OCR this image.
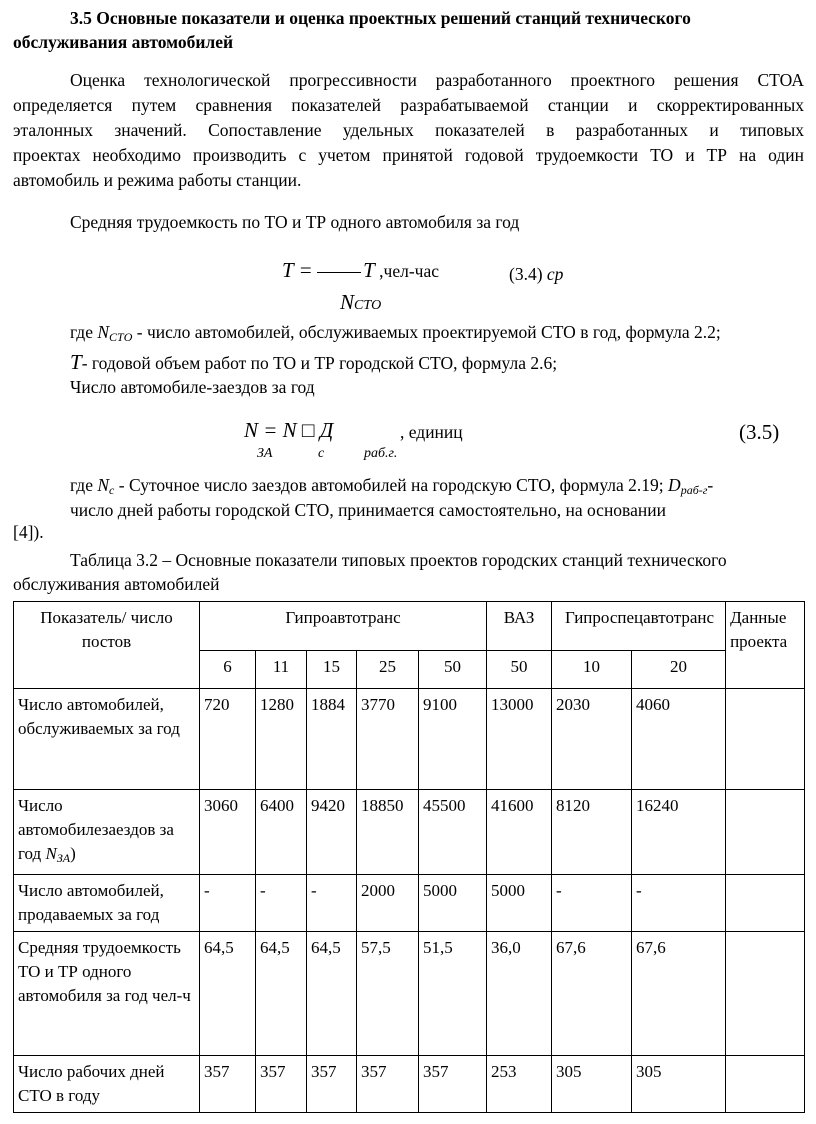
3.5 Основные показатели и оценка проектных решений станций технического
обслуживания автомобилей
Оценка технологической прогрессивности разработанного проектного решения СТОА
определяется путем сравнения показателей разрабатываемой станции и скорректированных
эталонных значений. Сопоставление удельных показателей в разработанных и типовых
проектах необходимо производить с учетом принятой годовой трудоемкости ТО и ТР на один
автомобиль и режима работы станции.
Средняя трудоемкость по ТО и ТР одного автомобиля за год
T = T ,чел-час	(3.4) ср
NСТО
где $N_{СТО}$ - число автомобилей, обслуживаемых проектируемой СТО в год, формула 2.2;
T- годовой объем работ по ТО и ТР городской СТО, формула 2.6;
Число автомобиле-заездов за год
N = N □ Д	, единиц	(3.5)
ЗА	с	раб.г.
где $N_с$ - Суточное число заездов автомобилей на городскую СТО, формула 2.19; $D_{раб-г}-$
число дней работы городской СТО, принимается самостоятельно, на основании
[4]).
Таблица 3.2 – Основные показатели типовых проектов городских станций технического
обслуживания автомобилей
Показатель/ число постов	Гипроавтотранс					ВАЗ	Гипроспецавтотранс		Данные проекта
	6	11	15	25	50	50	10	20	
Число автомобилей, обслуживаемых за год	720	1280	1884	3770	9100	13000	2030	4060	
Число автомобилезаездов за год $N_{ЗА}$)	3060	6400	9420	18850	45500	41600	8120	16240	
Число автомобилей, продаваемых за год	-	-	-	2000	5000	5000	-	-	
Средняя трудоемкость ТО и ТР одного автомобиля за год чел-ч	64,5	64,5	64,5	57,5	51,5	36,0	67,6	67,6	
Число рабочих дней СТО в году	357	357	357	357	357	253	305	305	
